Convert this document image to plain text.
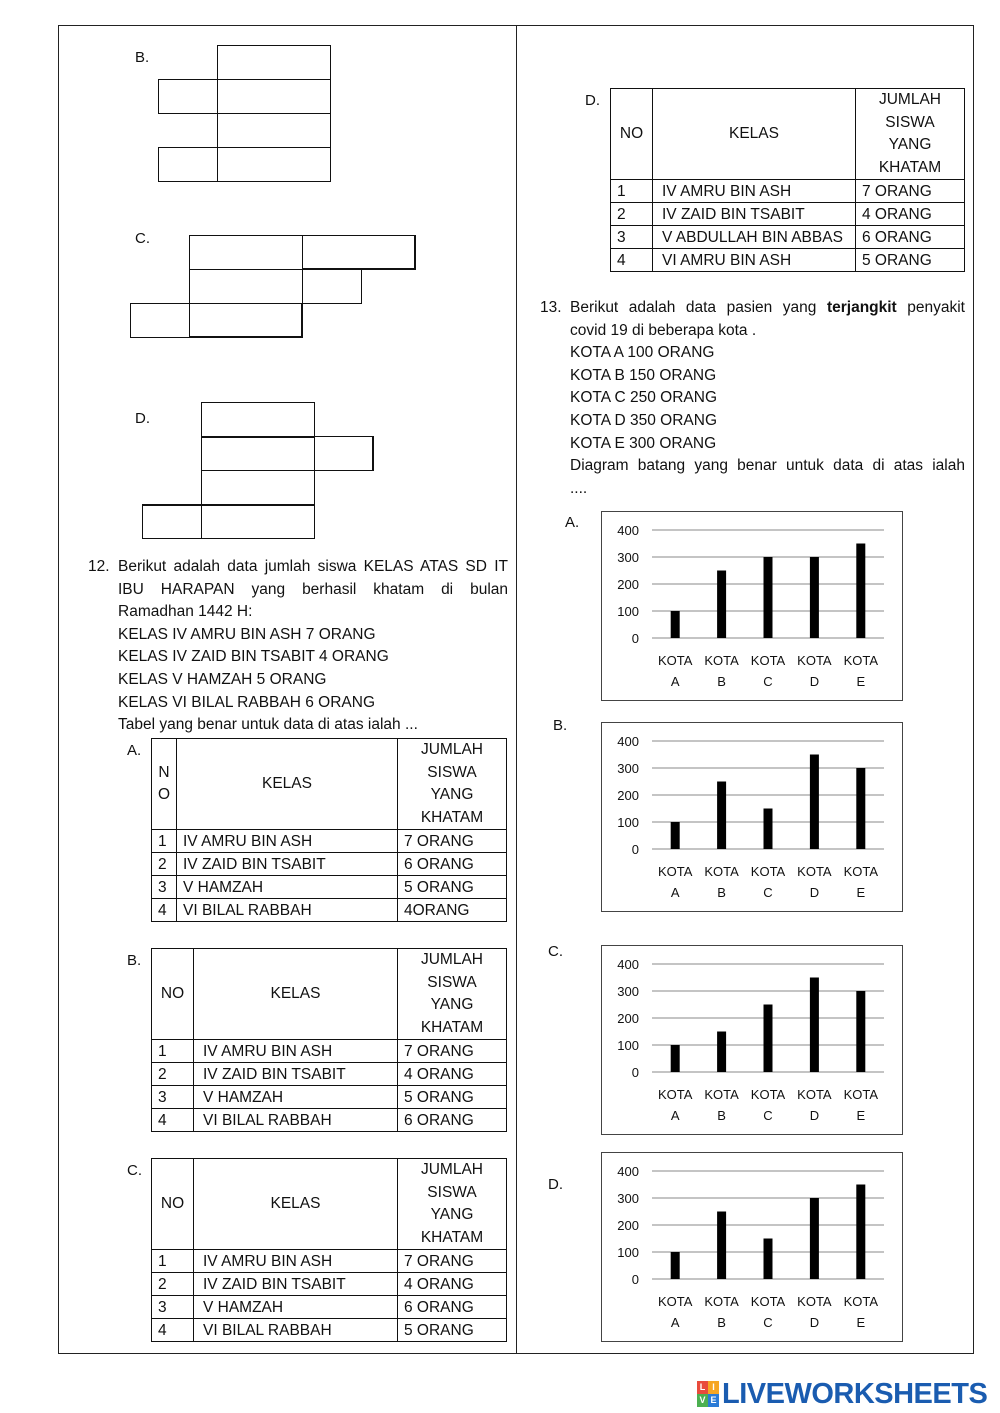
B.
C.
D.
12. Berikut adalah data jumlah siswa KELAS ATAS SD IT
IBU HARAPAN yang berhasil khatam di bulan
Ramadhan 1442 H:
KELAS IV AMRU BIN ASH 7 ORANG
KELAS IV ZAID BIN TSABIT 4 ORANG
KELAS V HAMZAH 5 ORANG
KELAS VI BILAL RABBAH 6 ORANG
Tabel yang benar untuk data di atas ialah ...
A.
N
O	KELAS	JUMLAH
SISWA
YANG
KHATAM
1	IV AMRU BIN ASH	7 ORANG
2	IV ZAID BIN TSABIT	6 ORANG
3	V HAMZAH	5 ORANG
4	VI BILAL RABBAH	4ORANG
B.
NO	KELAS	JUMLAH
SISWA
YANG
KHATAM
1	IV AMRU BIN ASH	7 ORANG
2	IV ZAID BIN TSABIT	4 ORANG
3	V HAMZAH	5 ORANG
4	VI BILAL RABBAH	6 ORANG
C.
NO	KELAS	JUMLAH
SISWA
YANG
KHATAM
1	IV AMRU BIN ASH	7 ORANG
2	IV ZAID BIN TSABIT	4 ORANG
3	V HAMZAH	6 ORANG
4	VI BILAL RABBAH	5 ORANG
D.
NO	KELAS	JUMLAH
SISWA
YANG
KHATAM
1	IV AMRU BIN ASH	7 ORANG
2	IV ZAID BIN TSABIT	4 ORANG
3	V ABDULLAH BIN ABBAS	6 ORANG
4	VI AMRU BIN ASH	5 ORANG
13. Berikut adalah data pasien yang terjangkit penyakit
covid 19 di beberapa kota .
KOTA A 100 ORANG
KOTA B 150 ORANG
KOTA C 250 ORANG
KOTA D 350 ORANG
KOTA E 300 ORANG
Diagram batang yang benar untuk data di atas ialah
....
A.
B.
C.
D.
0
100
200
300
400
KOTA
A
KOTA
B
KOTA
C
KOTA
D
KOTA
E
0
100
200
300
400
KOTA
A
KOTA
B
KOTA
C
KOTA
D
KOTA
E
0
100
200
300
400
KOTA
A
KOTA
B
KOTA
C
KOTA
D
KOTA
E
0
100
200
300
400
KOTA
A
KOTA
B
KOTA
C
KOTA
D
KOTA
E
L I
V E LIVEWORKSHEETS
